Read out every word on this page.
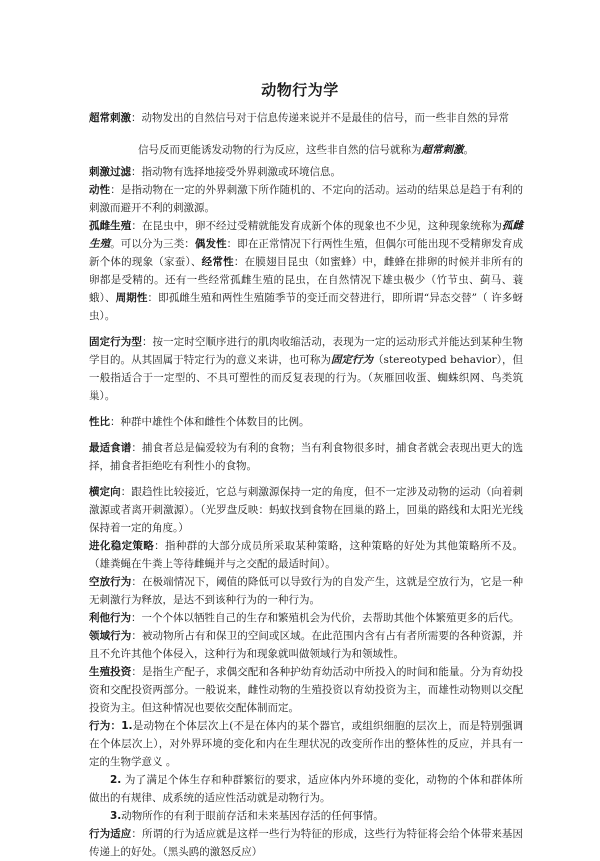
动物行为学

超常刺激：动物发出的自然信号对于信息传递来说并不是最佳的信号，而一些非自然的异常

信号反而更能诱发动物的行为反应，这些非自然的信号就称为超常刺激。

刺激过滤：指动物有选择地接受外界刺激或环境信息。

动性：是指动物在一定的外界刺激下所作随机的、不定向的活动。运动的结果总是趋于有利的刺激而避开不利的刺激源。

孤雌生殖：在昆虫中，卵不经过受精就能发育成新个体的现象也不少见，这种现象统称为孤雌生殖。可以分为三类：偶发性：即在正常情况下行两性生殖，但偶尔可能出现不受精卵发育成新个体的现象（家蚕）、经常性：在膜翅目昆虫（如蜜蜂）中，雌蜂在排卵的时候并非所有的卵都是受精的。还有一些经常孤雌生殖的昆虫，在自然情况下雄虫极少（竹节虫、蓟马、蓑蛾）、周期性：即孤雌生殖和两性生殖随季节的变迁而交替进行，即所谓“异态交替”（ 许多蚜虫）。

固定行为型：按一定时空顺序进行的肌肉收缩活动，表现为一定的运动形式并能达到某种生物学目的。从其固属于特定行为的意义来讲，也可称为固定行为（stereotyped behavior），但一般指适合于一定型的、不具可塑性的而反复表现的行为。（灰雁回收蛋、蜘蛛织网、鸟类筑巢）。

性比：种群中雄性个体和雌性个体数目的比例。

最适食谱：捕食者总是偏爱较为有利的食物；当有利食物很多时，捕食者就会表现出更大的选择，捕食者拒绝吃有利性小的食物。

横定向：跟趋性比较接近，它总与刺激源保持一定的角度，但不一定涉及动物的运动（向着刺激源或者离开刺激源）。（光罗盘反映：蚂蚁找到食物在回巢的路上，回巢的路线和太阳光光线保持着一定的角度。）

进化稳定策略：指种群的大部分成员所采取某种策略，这种策略的好处为其他策略所不及。（雄粪蝇在牛粪上等待雌蝇并与之交配的最适时间）。

空放行为：在极端情况下，阈值的降低可以导致行为的自发产生，这就是空放行为，它是一种无刺激行为释放，是达不到该种行为的一种行为。

利他行为：一个个体以牺牲自己的生存和繁殖机会为代价，去帮助其他个体繁殖更多的后代。

领域行为：被动物所占有和保卫的空间或区域。在此范围内含有占有者所需要的各种资源，并且不允许其他个体侵入，这种行为和现象就叫做领域行为和领域性。

生殖投资：是指生产配子，求偶交配和各种护幼育幼活动中所投入的时间和能量。分为育幼投资和交配投资两部分。一般说来，雌性动物的生殖投资以育幼投资为主，而雄性动物则以交配投资为主。但这种情况也要依交配体制而定。

行为：1.是动物在个体层次上(不是在体内的某个器官，或组织细胞的层次上，而是特别强调在个体层次上），对外界环境的变化和内在生理状况的改变所作出的整体性的反应，并具有一定的生物学意义 。

2. 为了满足个体生存和种群繁衍的要求，适应体内外环境的变化，动物的个体和群体所做出的有规律、成系统的适应性活动就是动物行为。

3.动物所作的有利于眼前存活和未来基因存活的任何事情。

行为适应：所谓的行为适应就是这样一些行为特征的形成，这些行为特征将会给个体带来基因传递上的好处。（黑头鸥的激怒反应）
